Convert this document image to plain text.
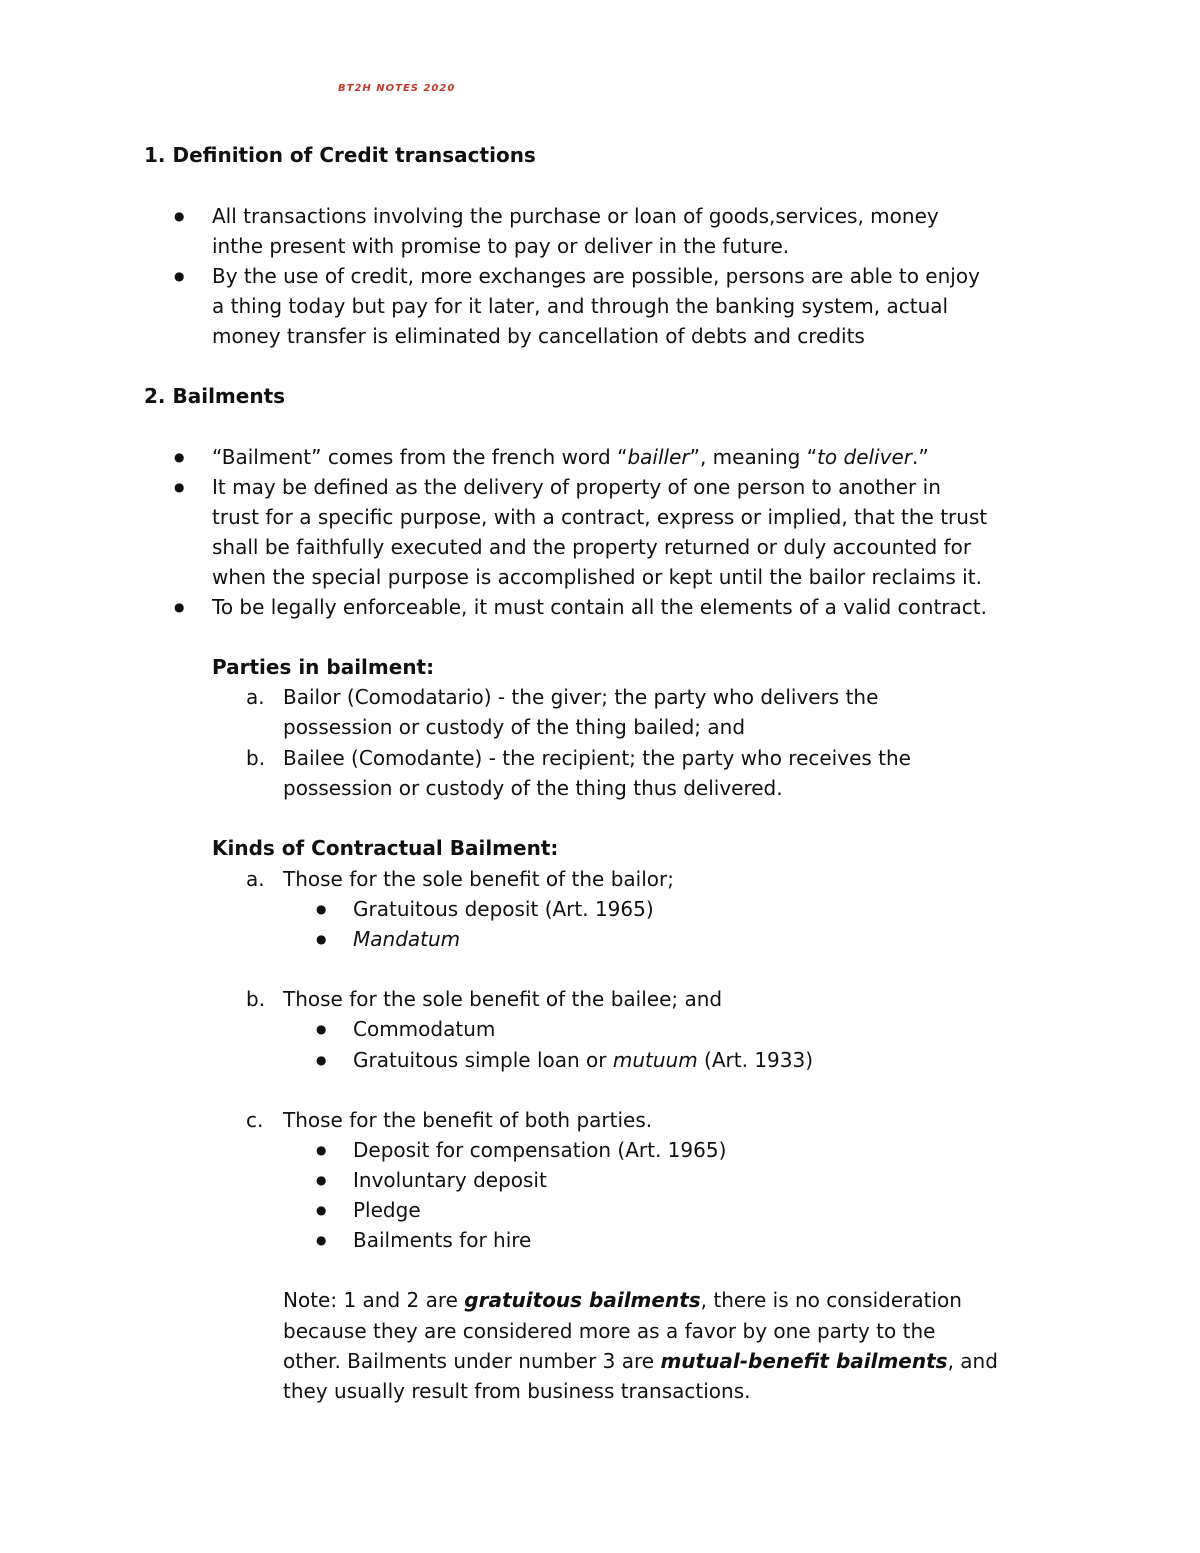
BT2H NOTES 2020
1. Definition of Credit transactions
●
All transactions involving the purchase or loan of goods,services, money
inthe present with promise to pay or deliver in the future.
●
By the use of credit, more exchanges are possible, persons are able to enjoy
a thing today but pay for it later, and through the banking system, actual
money transfer is eliminated by cancellation of debts and credits
2. Bailments
●
“Bailment” comes from the french word “bailler”, meaning “to deliver.”
●
It may be defined as the delivery of property of one person to another in
trust for a specific purpose, with a contract, express or implied, that the trust
shall be faithfully executed and the property returned or duly accounted for
when the special purpose is accomplished or kept until the bailor reclaims it.
●
To be legally enforceable, it must contain all the elements of a valid contract.
Parties in bailment:
a. Bailor (Comodatario) - the giver; the party who delivers the
possession or custody of the thing bailed; and
b. Bailee (Comodante) - the recipient; the party who receives the
possession or custody of the thing thus delivered.
Kinds of Contractual Bailment:
a. Those for the sole benefit of the bailor;
●
Gratuitous deposit (Art. 1965)
●
Mandatum
b. Those for the sole benefit of the bailee; and
●
Commodatum
●
Gratuitous simple loan or mutuum (Art. 1933)
c. Those for the benefit of both parties.
●
Deposit for compensation (Art. 1965)
●
Involuntary deposit
●
Pledge
●
Bailments for hire
Note: 1 and 2 are gratuitous bailments, there is no consideration
because they are considered more as a favor by one party to the
other. Bailments under number 3 are mutual-benefit bailments, and
they usually result from business transactions.
